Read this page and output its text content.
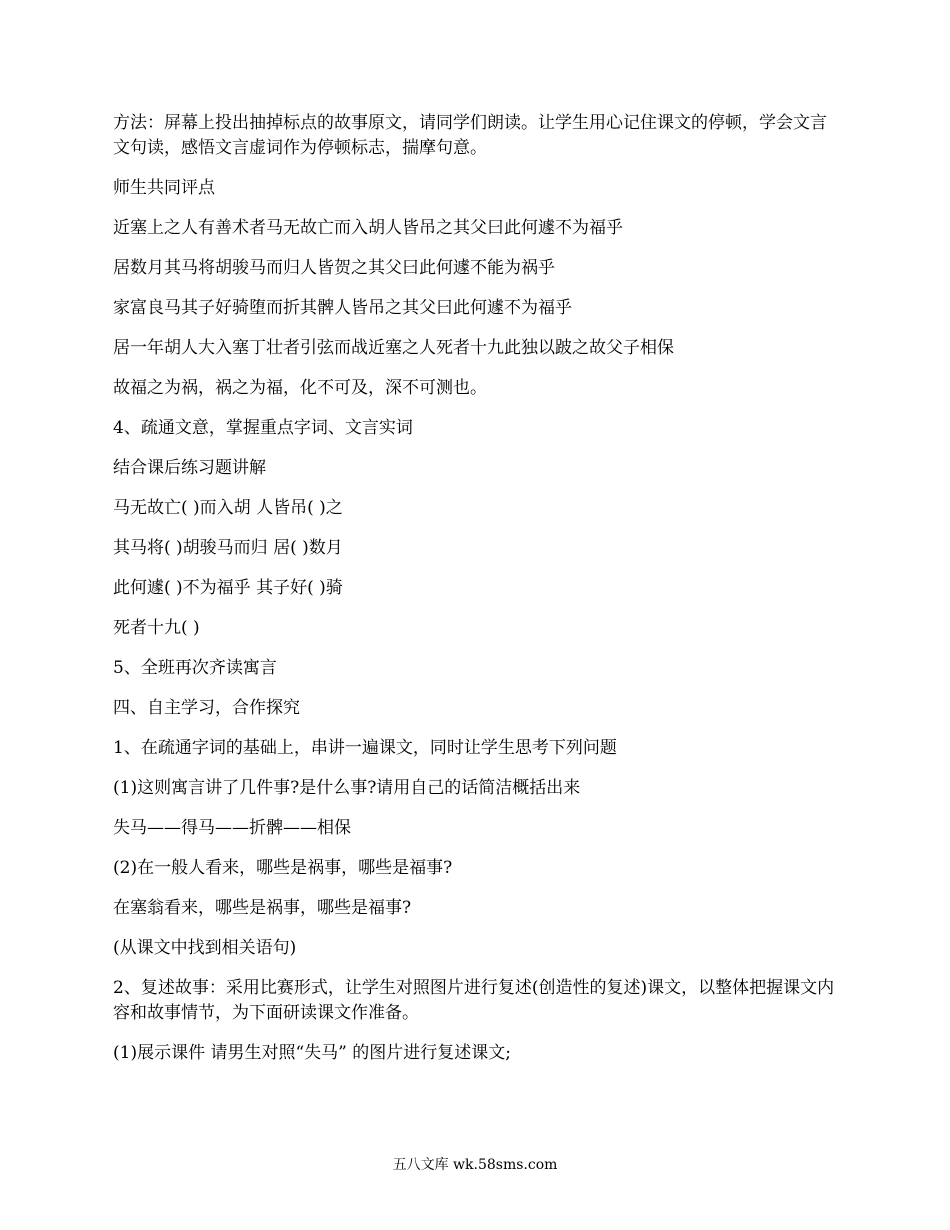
方法：屏幕上投出抽掉标点的故事原文，请同学们朗读。让学生用心记住课文的停顿，学会文言文句读，感悟文言虚词作为停顿标志，揣摩句意。

师生共同评点

近塞上之人有善术者马无故亡而入胡人皆吊之其父曰此何遽不为福乎

居数月其马将胡骏马而归人皆贺之其父曰此何遽不能为祸乎

家富良马其子好骑堕而折其髀人皆吊之其父曰此何遽不为福乎

居一年胡人大入塞丁壮者引弦而战近塞之人死者十九此独以跛之故父子相保

故福之为祸，祸之为福，化不可及，深不可测也。

4、疏通文意，掌握重点字词、文言实词

结合课后练习题讲解

马无故亡( )而入胡 人皆吊( )之

其马将( )胡骏马而归 居( )数月

此何遽( )不为福乎 其子好( )骑

死者十九( )

5、全班再次齐读寓言

四、自主学习，合作探究

1、在疏通字词的基础上，串讲一遍课文，同时让学生思考下列问题

(1)这则寓言讲了几件事?是什么事?请用自己的话简洁概括出来

失马——得马——折髀——相保

(2)在一般人看来，哪些是祸事，哪些是福事?

在塞翁看来，哪些是祸事，哪些是福事?

(从课文中找到相关语句)

2、复述故事：采用比赛形式，让学生对照图片进行复述(创造性的复述)课文，以整体把握课文内容和故事情节，为下面研读课文作准备。

(1)展示课件 请男生对照“失马” 的图片进行复述课文;

五八文库 wk.58sms.com
